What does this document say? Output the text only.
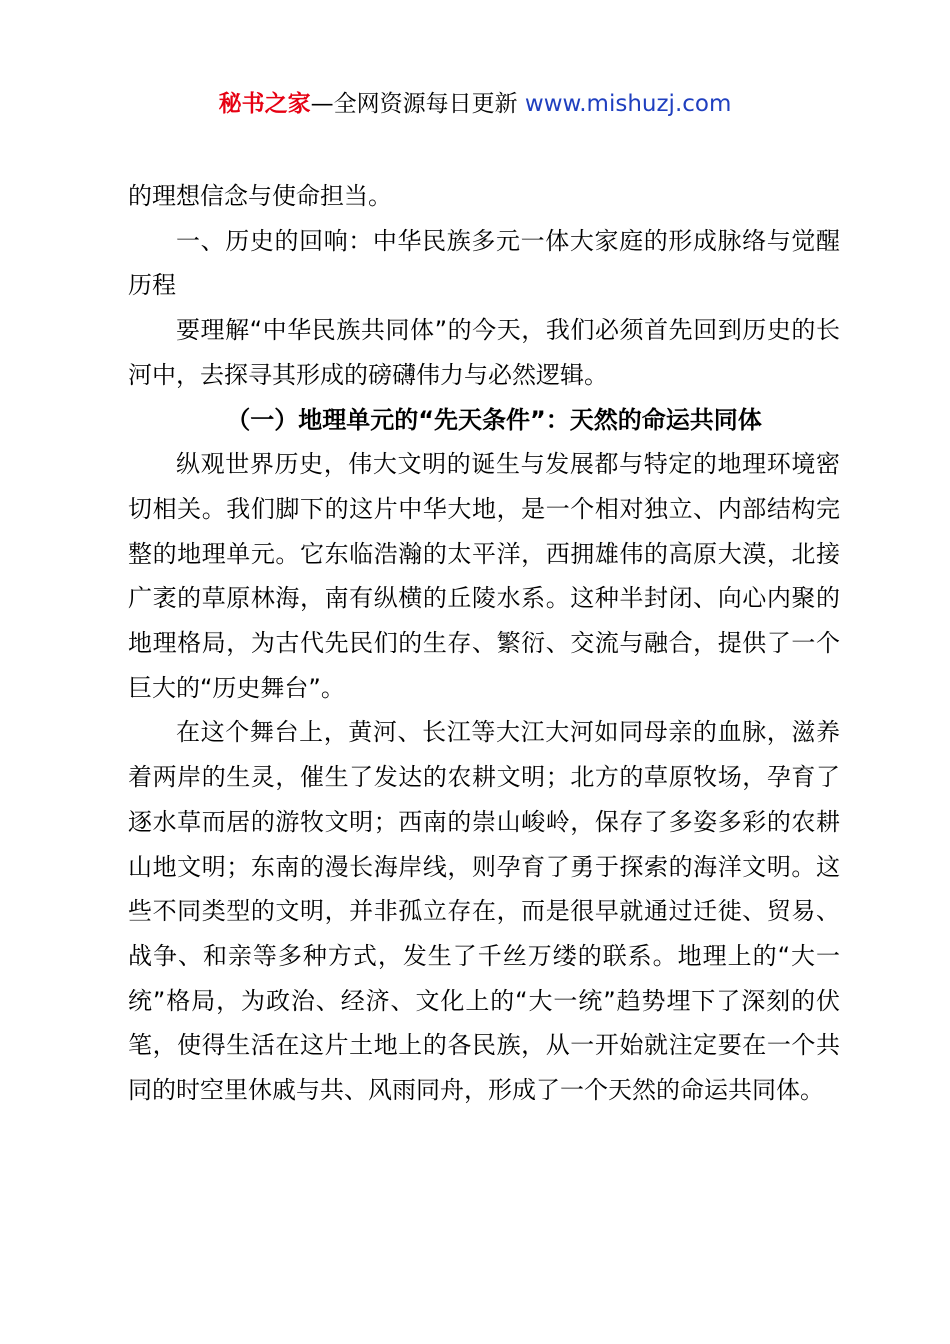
秘书之家—全网资源每日更新 www.mishuzj.com

的理想信念与使命担当。

一、历史的回响：中华民族多元一体大家庭的形成脉络与觉醒历程

要理解“中华民族共同体”的今天，我们必须首先回到历史的长河中，去探寻其形成的磅礴伟力与必然逻辑。

（一）地理单元的“先天条件”：天然的命运共同体

纵观世界历史，伟大文明的诞生与发展都与特定的地理环境密切相关。我们脚下的这片中华大地，是一个相对独立、内部结构完整的地理单元。它东临浩瀚的太平洋，西拥雄伟的高原大漠，北接广袤的草原林海，南有纵横的丘陵水系。这种半封闭、向心内聚的地理格局，为古代先民们的生存、繁衍、交流与融合，提供了一个巨大的“历史舞台”。

在这个舞台上，黄河、长江等大江大河如同母亲的血脉，滋养着两岸的生灵，催生了发达的农耕文明；北方的草原牧场，孕育了逐水草而居的游牧文明；西南的崇山峻岭，保存了多姿多彩的农耕山地文明；东南的漫长海岸线，则孕育了勇于探索的海洋文明。这些不同类型的文明，并非孤立存在，而是很早就通过迁徙、贸易、战争、和亲等多种方式，发生了千丝万缕的联系。地理上的“大一统”格局，为政治、经济、文化上的“大一统”趋势埋下了深刻的伏笔，使得生活在这片土地上的各民族，从一开始就注定要在一个共同的时空里休戚与共、风雨同舟，形成了一个天然的命运共同体。
